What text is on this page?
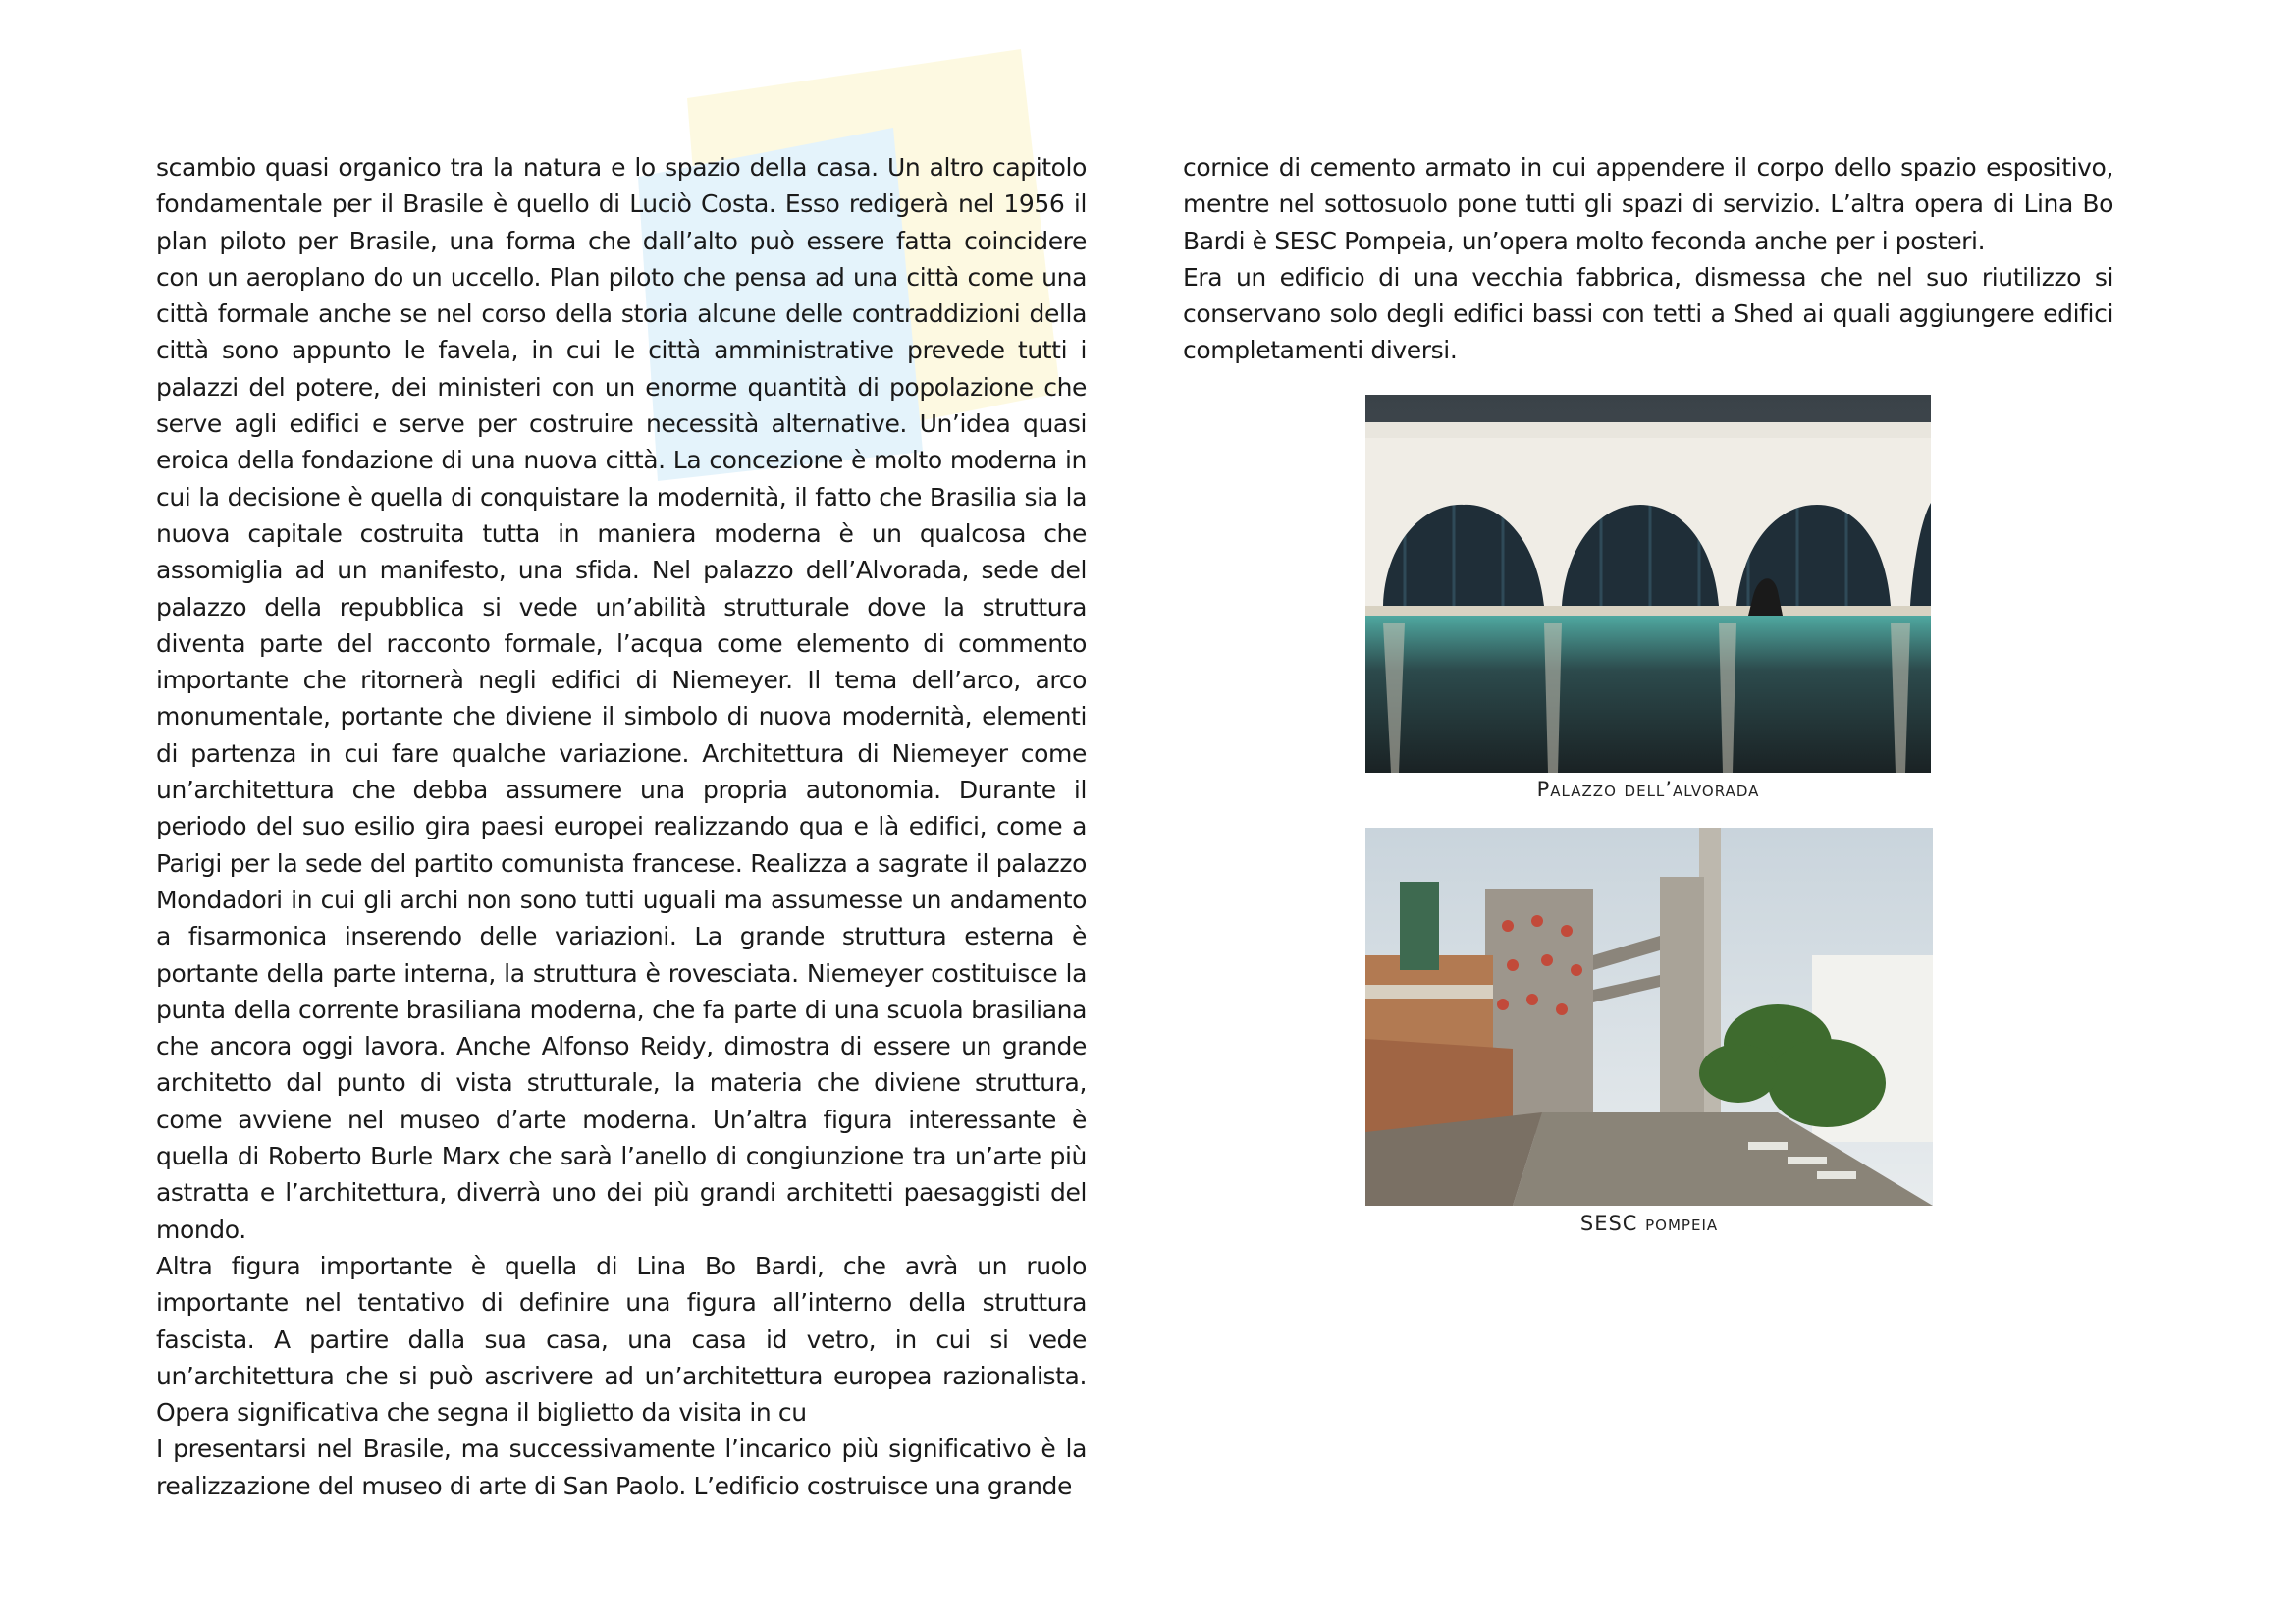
scambio quasi organico tra la natura e lo spazio della casa. Un altro capitolo fondamentale per il Brasile è quello di Luciò Costa. Esso redigerà nel 1956 il plan piloto per Brasile, una forma che dall’alto può essere fatta coincidere con un aeroplano do un uccello. Plan piloto che pensa ad una città come una città formale anche se nel corso della storia alcune delle contraddizioni della città sono appunto le favela, in cui le città amministrative prevede tutti i palazzi del potere, dei ministeri con un enorme quantità di popolazione che serve agli edifici e serve per costruire necessità alternative. Un’idea quasi eroica della fondazione di una nuova città. La concezione è molto moderna in cui la decisione è quella di conquistare la modernità, il fatto che Brasilia sia la nuova capitale costruita tutta in maniera moderna è un qualcosa che assomiglia ad un manifesto, una sfida. Nel palazzo dell’Alvorada, sede del palazzo della repubblica si vede un’abilità strutturale dove la struttura diventa parte del racconto formale, l’acqua come elemento di commento importante che ritornerà negli edifici di Niemeyer. Il tema dell’arco, arco monumentale, portante che diviene il simbolo di nuova modernità, elementi di partenza in cui fare qualche variazione. Architettura di Niemeyer come un’architettura che debba assumere una propria autonomia. Durante il periodo del suo esilio gira paesi europei realizzando qua e là edifici, come a Parigi per la sede del partito comunista francese. Realizza a sagrate il palazzo Mondadori in cui gli archi non sono tutti uguali ma assumesse un andamento a fisarmonica inserendo delle variazioni. La grande struttura esterna è portante della parte interna, la struttura è rovesciata. Niemeyer costituisce la punta della corrente brasiliana moderna, che fa parte di una scuola brasiliana che ancora oggi lavora. Anche Alfonso Reidy, dimostra di essere un grande architetto dal punto di vista strutturale, la materia che diviene struttura, come avviene nel museo d’arte moderna. Un’altra figura interessante è quella di Roberto Burle Marx che sarà l’anello di congiunzione tra un’arte più astratta e l’architettura, diverrà uno dei più grandi architetti paesaggisti del mondo.

Altra figura importante è quella di Lina Bo Bardi, che avrà un ruolo importante nel tentativo di definire una figura all’interno della struttura fascista. A partire dalla sua casa, una casa id vetro, in cui si vede un’architettura che si può ascrivere ad un’architettura europea razionalista. Opera significativa che segna il biglietto da visita in cu

I presentarsi nel Brasile, ma successivamente l’incarico più significativo è la realizzazione del museo di arte di San Paolo. L’edificio costruisce una grande

cornice di cemento armato in cui appendere il corpo dello spazio espositivo, mentre nel sottosuolo pone tutti gli spazi di servizio. L’altra opera di Lina Bo Bardi è SESC Pompeia, un’opera molto feconda anche per i posteri.

Era un edificio di una vecchia fabbrica, dismessa che nel suo riutilizzo si conservano solo degli edifici bassi con tetti a Shed ai quali aggiungere edifici completamenti diversi.

Palazzo dell’alvorada
SESC pompeia
